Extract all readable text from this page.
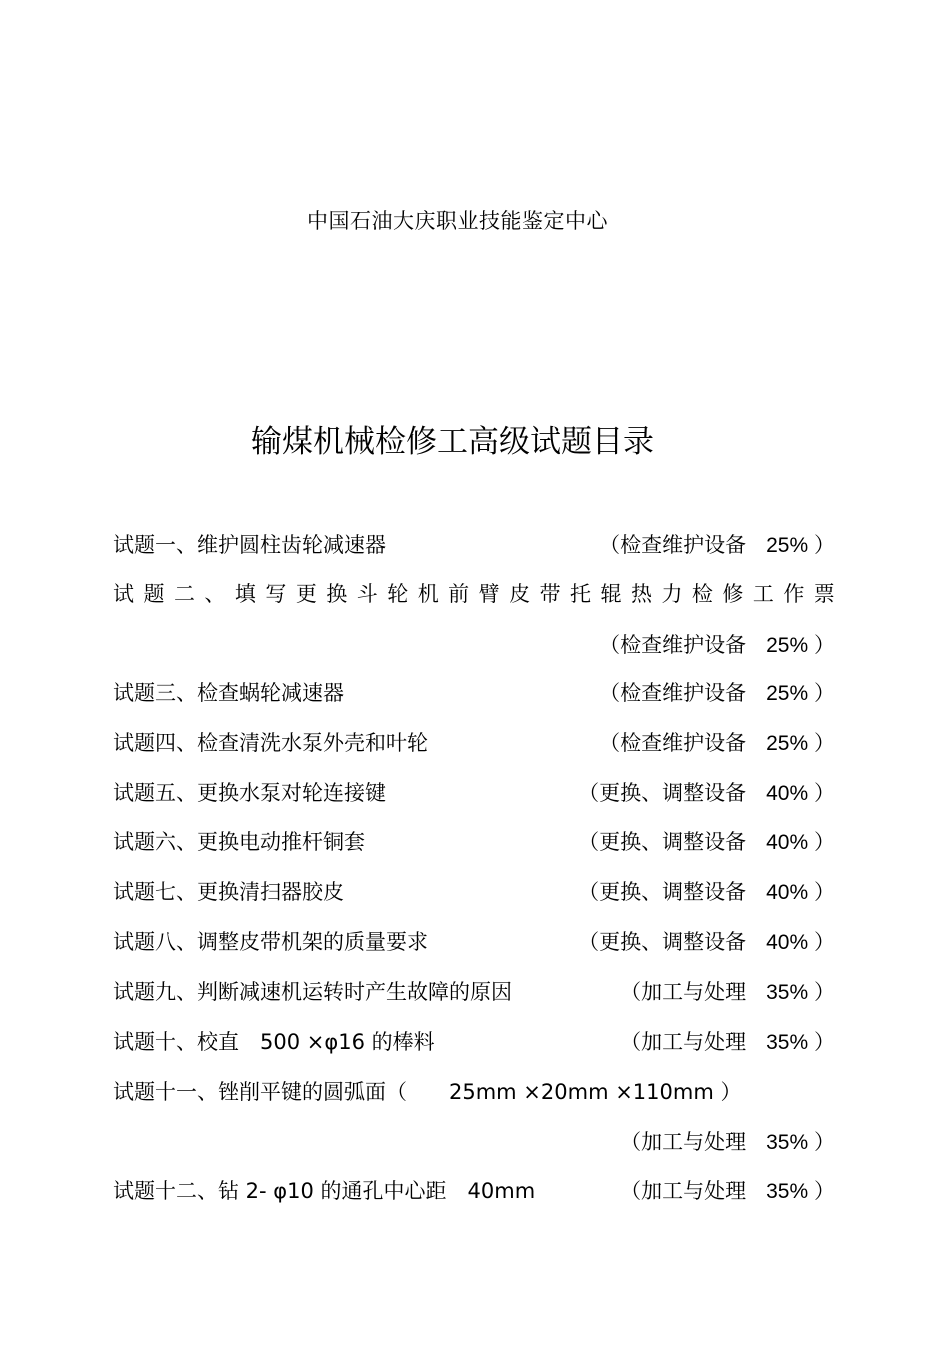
中国石油大庆职业技能鉴定中心
输煤机械检修工高级试题目录
试题一、维护圆柱齿轮减速器	（检查维护设备 25% ）
试 题 二 、 填 写 更 换 斗 轮 机 前 臂 皮 带 托 辊 热 力 检 修 工 作 票
（检查维护设备 25% ）
试题三、检查蜗轮减速器	（检查维护设备 25% ）
试题四、检查清洗水泵外壳和叶轮	（检查维护设备 25% ）
试题五、更换水泵对轮连接键	（更换、调整设备 40% ）
试题六、更换电动推杆铜套	（更换、调整设备 40% ）
试题七、更换清扫器胶皮	（更换、调整设备 40% ）
试题八、调整皮带机架的质量要求	（更换、调整设备 40% ）
试题九、判断减速机运转时产生故障的原因	（加工与处理 35% ）
试题十、校直　500 ×φ16 的棒料	（加工与处理 35% ）
试题十一、锉削平键的圆弧面（　　25mm ×20mm ×110mm ）
（加工与处理 35% ）
试题十二、钻 2- φ10 的通孔中心距　40mm	（加工与处理 35% ）
